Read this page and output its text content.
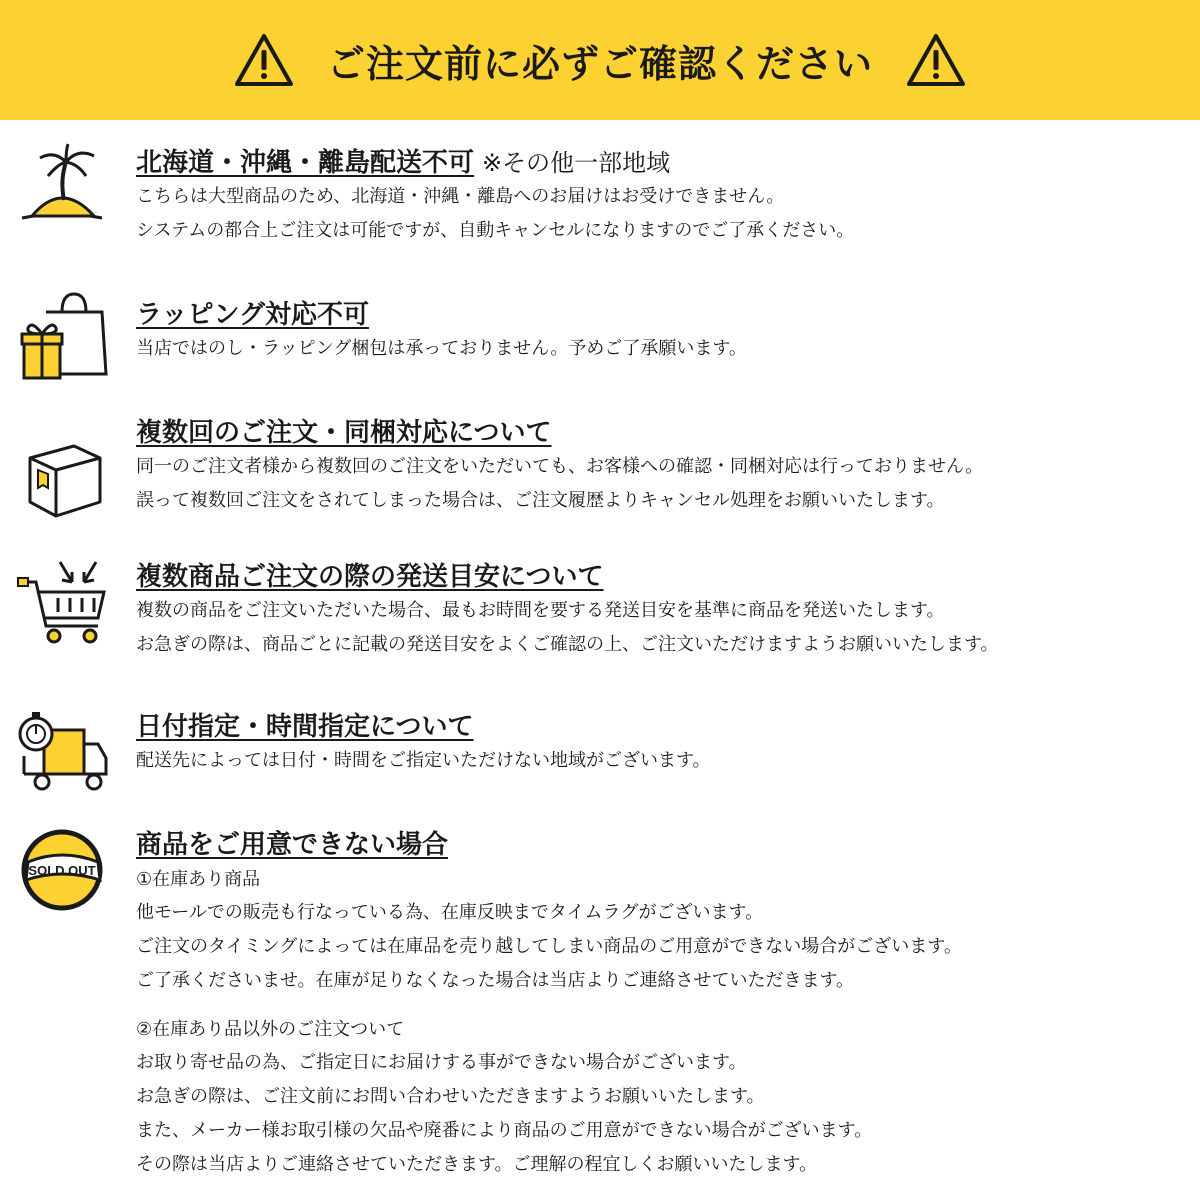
ご注文前に必ずご確認ください
北海道・沖縄・離島配送不可 ※その他一部地域
こちらは大型商品のため、北海道・沖縄・離島へのお届けはお受けできません。
システムの都合上ご注文は可能ですが、自動キャンセルになりますのでご了承ください。
ラッピング対応不可
当店ではのし・ラッピング梱包は承っておりません。予めご了承願います。
複数回のご注文・同梱対応について
同一のご注文者様から複数回のご注文をいただいても、お客様への確認・同梱対応は行っておりません。
誤って複数回ご注文をされてしまった場合は、ご注文履歴よりキャンセル処理をお願いいたします。
複数商品ご注文の際の発送目安について
複数の商品をご注文いただいた場合、最もお時間を要する発送目安を基準に商品を発送いたします。
お急ぎの際は、商品ごとに記載の発送目安をよくご確認の上、ご注文いただけますようお願いいたします。
日付指定・時間指定について
配送先によっては日付・時間をご指定いただけない地域がございます。
SOLD OUT
商品をご用意できない場合
①在庫あり商品
他モールでの販売も行なっている為、在庫反映までタイムラグがございます。
ご注文のタイミングによっては在庫品を売り越してしまい商品のご用意ができない場合がございます。
ご了承くださいませ。在庫が足りなくなった場合は当店よりご連絡させていただきます。
②在庫あり品以外のご注文ついて
お取り寄せ品の為、ご指定日にお届けする事ができない場合がございます。
お急ぎの際は、ご注文前にお問い合わせいただきますようお願いいたします。
また、メーカー様お取引様の欠品や廃番により商品のご用意ができない場合がございます。
その際は当店よりご連絡させていただきます。ご理解の程宜しくお願いいたします。
